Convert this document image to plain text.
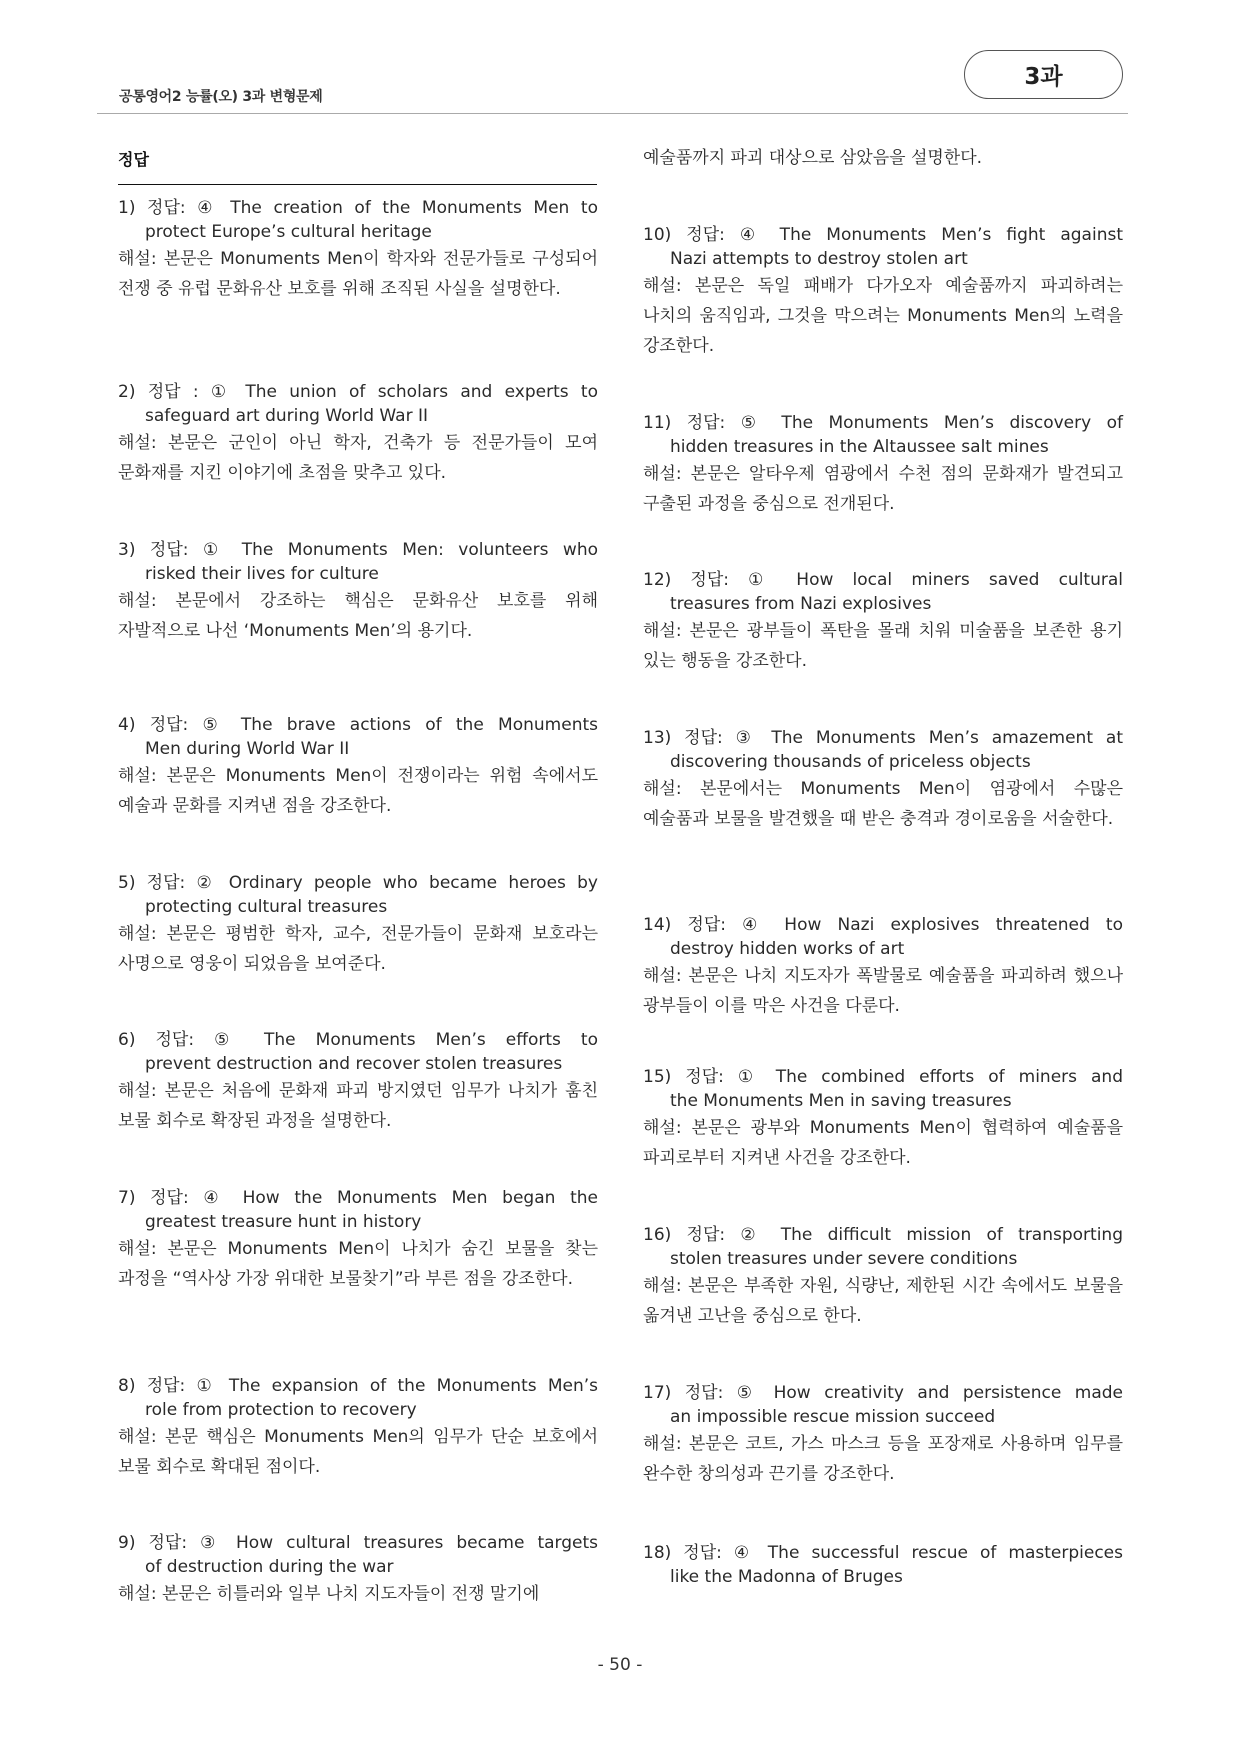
공통영어2 능률(오) 3과 변형문제
3과
정답
1) 정답: ④ The creation of the Monuments Men to
protect Europe’s cultural heritage
해설: 본문은 Monuments Men이 학자와 전문가들로 구성되어 전쟁 중 유럽 문화유산 보호를 위해 조직된 사실을 설명한다.
2) 정답 : ① The union of scholars and experts to
safeguard art during World War II
해설: 본문은 군인이 아닌 학자, 건축가 등 전문가들이 모여 문화재를 지킨 이야기에 초점을 맞추고 있다.
3) 정답: ① The Monuments Men: volunteers who
risked their lives for culture
해설: 본문에서 강조하는 핵심은 문화유산 보호를 위해 자발적으로 나선 ‘Monuments Men’의 용기다.
4) 정답: ⑤ The brave actions of the Monuments
Men during World War II
해설: 본문은 Monuments Men이 전쟁이라는 위험 속에서도 예술과 문화를 지켜낸 점을 강조한다.
5) 정답: ② Ordinary people who became heroes by
protecting cultural treasures
해설: 본문은 평범한 학자, 교수, 전문가들이 문화재 보호라는 사명으로 영웅이 되었음을 보여준다.
6) 정답: ⑤ The Monuments Men’s efforts to
prevent destruction and recover stolen treasures
해설: 본문은 처음에 문화재 파괴 방지였던 임무가 나치가 훔친 보물 회수로 확장된 과정을 설명한다.
7) 정답: ④ How the Monuments Men began the
greatest treasure hunt in history
해설: 본문은 Monuments Men이 나치가 숨긴 보물을 찾는 과정을 “역사상 가장 위대한 보물찾기”라 부른 점을 강조한다.
8) 정답: ① The expansion of the Monuments Men’s
role from protection to recovery
해설: 본문 핵심은 Monuments Men의 임무가 단순 보호에서 보물 회수로 확대된 점이다.
9) 정답: ③ How cultural treasures became targets
of destruction during the war
해설: 본문은 히틀러와 일부 나치 지도자들이 전쟁 말기에
예술품까지 파괴 대상으로 삼았음을 설명한다.
10) 정답: ④ The Monuments Men’s fight against
Nazi attempts to destroy stolen art
해설: 본문은 독일 패배가 다가오자 예술품까지 파괴하려는 나치의 움직임과, 그것을 막으려는 Monuments Men의 노력을 강조한다.
11) 정답: ⑤ The Monuments Men’s discovery of
hidden treasures in the Altaussee salt mines
해설: 본문은 알타우제 염광에서 수천 점의 문화재가 발견되고 구출된 과정을 중심으로 전개된다.
12) 정답: ① How local miners saved cultural
treasures from Nazi explosives
해설: 본문은 광부들이 폭탄을 몰래 치워 미술품을 보존한 용기 있는 행동을 강조한다.
13) 정답: ③ The Monuments Men’s amazement at
discovering thousands of priceless objects
해설: 본문에서는 Monuments Men이 염광에서 수많은 예술품과 보물을 발견했을 때 받은 충격과 경이로움을 서술한다.
14) 정답: ④ How Nazi explosives threatened to
destroy hidden works of art
해설: 본문은 나치 지도자가 폭발물로 예술품을 파괴하려 했으나 광부들이 이를 막은 사건을 다룬다.
15) 정답: ① The combined efforts of miners and
the Monuments Men in saving treasures
해설: 본문은 광부와 Monuments Men이 협력하여 예술품을 파괴로부터 지켜낸 사건을 강조한다.
16) 정답: ② The difficult mission of transporting
stolen treasures under severe conditions
해설: 본문은 부족한 자원, 식량난, 제한된 시간 속에서도 보물을 옮겨낸 고난을 중심으로 한다.
17) 정답: ⑤ How creativity and persistence made
an impossible rescue mission succeed
해설: 본문은 코트, 가스 마스크 등을 포장재로 사용하며 임무를 완수한 창의성과 끈기를 강조한다.
18) 정답: ④ The successful rescue of masterpieces
like the Madonna of Bruges
- 50 -
